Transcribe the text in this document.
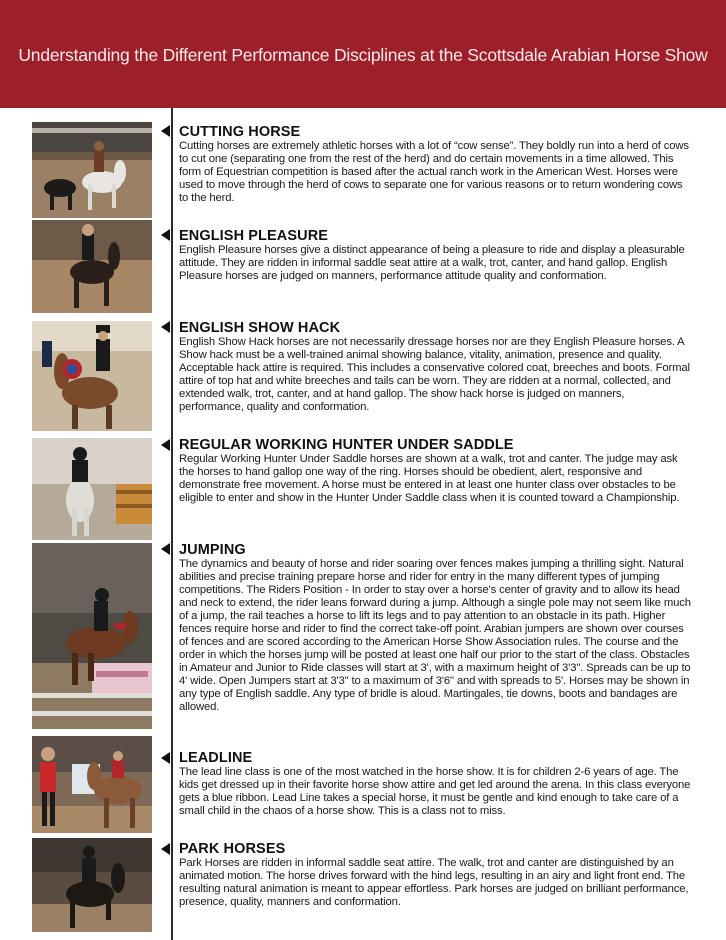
Understanding the Different Performance Disciplines at the Scottsdale Arabian Horse Show
CUTTING HORSE

Cutting horses are extremely athletic horses with a lot of “cow sense”. They boldly run into a herd of cows to cut one (separating one from the rest of the herd) and do certain movements in a time allowed. This form of Equestrian competition is based after the actual ranch work in the American West. Horses were used to move through the herd of cows to separate one for various reasons or to return wondering cows to the herd.

ENGLISH PLEASURE

English Pleasure horses give a distinct appearance of being a pleasure to ride and display a pleasurable attitude. They are ridden in informal saddle seat attire at a walk, trot, canter, and hand gallop. English Pleasure horses are judged on manners, performance attitude quality and conformation.

ENGLISH SHOW HACK

English Show Hack horses are not necessarily dressage horses nor are they English Pleasure horses. A Show hack must be a well-trained animal showing balance, vitality, animation, presence and quality. Acceptable hack attire is required. This includes a conservative colored coat, breeches and boots. Formal attire of top hat and white breeches and tails can be worn. They are ridden at a normal, collected, and extended walk, trot, canter, and at hand gallop. The show hack horse is judged on manners, performance, quality and conformation.

REGULAR WORKING HUNTER UNDER SADDLE

Regular Working Hunter Under Saddle horses are shown at a walk, trot and canter. The judge may ask the horses to hand gallop one way of the ring. Horses should be obedient, alert, responsive and demonstrate free movement. A horse must be entered in at least one hunter class over obstacles to be eligible to enter and show in the Hunter Under Saddle class when it is counted toward a Championship.

JUMPING

The dynamics and beauty of horse and rider soaring over fences makes jumping a thrilling sight. Natural abilities and precise training prepare horse and rider for entry in the many different types of jumping competitions. The Riders Position - In order to stay over a horse's center of gravity and to allow its head and neck to extend, the rider leans forward during a jump. Although a single pole may not seem like much of a jump, the rail teaches a horse to lift its legs and to pay attention to an obstacle in its path. Higher fences require horse and rider to find the correct take-off point. Arabian jumpers are shown over courses of fences and are scored according to the American Horse Show Association rules. The course and the order in which the horses jump will be posted at least one half our prior to the start of the class. Obstacles in Amateur and Junior to Ride classes will start at 3', with a maximum height of 3'3". Spreads can be up to 4' wide. Open Jumpers start at 3'3" to a maximum of 3'6" and with spreads to 5'. Horses may be shown in any type of English saddle. Any type of bridle is aloud. Martingales, tie downs, boots and bandages are allowed.

LEADLINE

The lead line class is one of the most watched in the horse show. It is for children 2-6 years of age. The kids get dressed up in their favorite horse show attire and get led around the arena. In this class everyone gets a blue ribbon. Lead Line takes a special horse, it must be gentle and kind enough to take care of a small child in the chaos of a horse show. This is a class not to miss.

PARK HORSES

Park Horses are ridden in informal saddle seat attire. The walk, trot and canter are distinguished by an animated motion. The horse drives forward with the hind legs, resulting in an airy and light front end. The resulting natural animation is meant to appear effortless. Park horses are judged on brilliant performance, presence, quality, manners and conformation.
